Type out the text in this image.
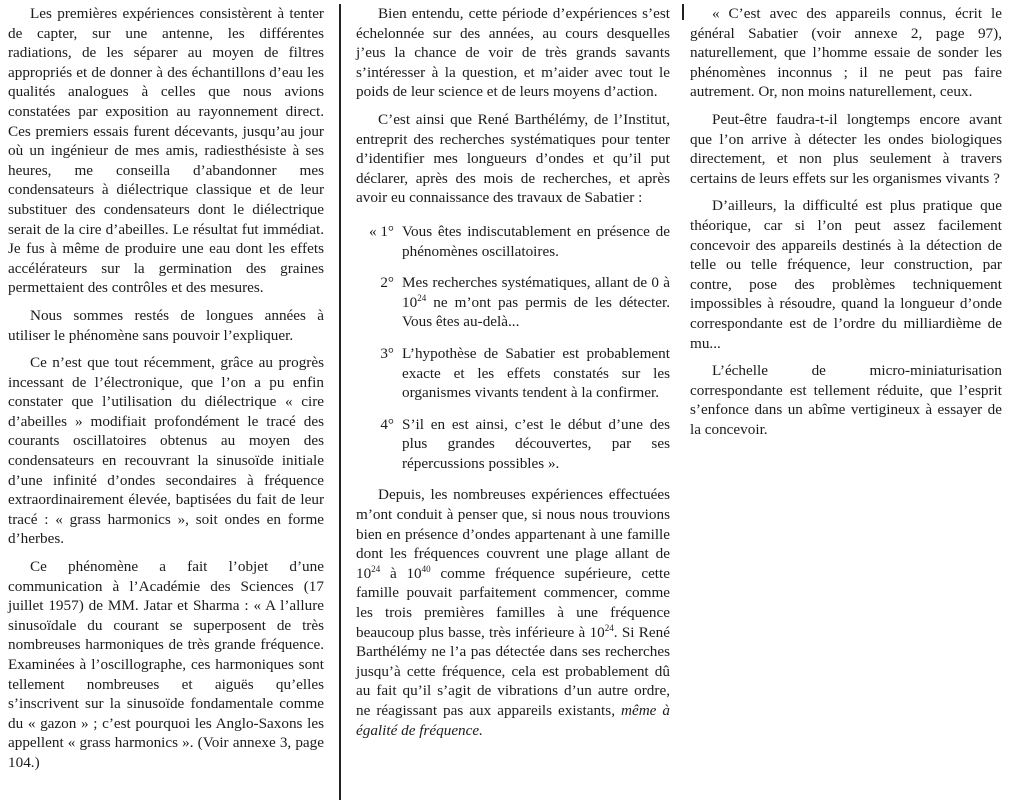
Les premières expériences consistèrent à tenter de capter, sur une antenne, les différentes radiations, de les séparer au moyen de filtres appropriés et de donner à des échantillons d’eau les qualités analogues à celles que nous avions constatées par exposition au rayonnement direct. Ces premiers essais furent décevants, jusqu’au jour où un ingénieur de mes amis, radiesthésiste à ses heures, me conseilla d’abandonner mes condensateurs à diélectrique classique et de leur substituer des condensateurs dont le diélectrique serait de la cire d’abeilles. Le résultat fut immédiat. Je fus à même de produire une eau dont les effets accélérateurs sur la germination des graines permettaient des contrôles et des mesures.

Nous sommes restés de longues années à utiliser le phénomène sans pouvoir l’expliquer.

Ce n’est que tout récemment, grâce au progrès incessant de l’électronique, que l’on a pu enfin constater que l’utilisation du diélectrique « cire d’abeilles » modifiait profondément le tracé des courants oscillatoires obtenus au moyen des condensateurs en recouvrant la sinusoïde initiale d’une infinité d’ondes secondaires à fréquence extraordinairement élevée, baptisées du fait de leur tracé : « grass harmonics », soit ondes en forme d’herbes.

Ce phénomène a fait l’objet d’une communication à l’Académie des Sciences (17 juillet 1957) de MM. Jatar et Sharma : « A l’allure sinusoïdale du courant se superposent de très nombreuses harmoniques de très grande fréquence. Examinées à l’oscillographe, ces harmoniques sont tellement nombreuses et aiguës qu’elles s’inscrivent sur la sinusoïde fondamentale comme du « gazon » ; c’est pourquoi les Anglo-Saxons les appellent « grass harmonics ». (Voir annexe 3, page 104.)

Bien entendu, cette période d’expériences s’est échelonnée sur des années, au cours desquelles j’eus la chance de voir de très grands savants s’intéresser à la question, et m’aider avec tout le poids de leur science et de leurs moyens d’action.

C’est ainsi que René Barthélémy, de l’Institut, entreprit des recherches systématiques pour tenter d’identifier mes longueurs d’ondes et qu’il put déclarer, après des mois de recherches, et après avoir eu connaissance des travaux de Sabatier :

« 1° Vous êtes indiscutablement en présence de phénomènes oscillatoires.
2° Mes recherches systématiques, allant de 0 à $10^{24}$ ne m’ont pas permis de les détecter. Vous êtes au-delà...
3° L’hypothèse de Sabatier est probablement exacte et les effets constatés sur les organismes vivants tendent à la confirmer.
4° S’il en est ainsi, c’est le début d’une des plus grandes découvertes, par ses répercussions possibles ».

Depuis, les nombreuses expériences effectuées m’ont conduit à penser que, si nous nous trouvions bien en présence d’ondes appartenant à une famille dont les fréquences couvrent une plage allant de $10^{24}$ à $10^{40}$ comme fréquence supérieure, cette famille pouvait parfaitement commencer, comme les trois premières familles à une fréquence beaucoup plus basse, très inférieure à $10^{24}$. Si René Barthélémy ne l’a pas détectée dans ses recherches jusqu’à cette fréquence, cela est probablement dû au fait qu’il s’agit de vibrations d’un autre ordre, ne réagissant pas aux appareils existants, même à égalité de fréquence.

« C’est avec des appareils connus, écrit le général Sabatier (voir annexe 2, page 97), naturellement, que l’homme essaie de sonder les phénomènes inconnus ; il ne peut pas faire autrement. Or, non moins naturellement, ceux.

Peut-être faudra-t-il longtemps encore avant que l’on arrive à détecter les ondes biologiques directement, et non plus seulement à travers certains de leurs effets sur les organismes vivants ?

D’ailleurs, la difficulté est plus pratique que théorique, car si l’on peut assez facilement concevoir des appareils destinés à la détection de telle ou telle fréquence, leur construction, par contre, pose des problèmes techniquement impossibles à résoudre, quand la longueur d’onde correspondante est de l’ordre du milliardième de mu...

L’échelle de micro-miniaturisation correspondante est tellement réduite, que l’esprit s’enfonce dans un abîme vertigineux à essayer de la concevoir.
